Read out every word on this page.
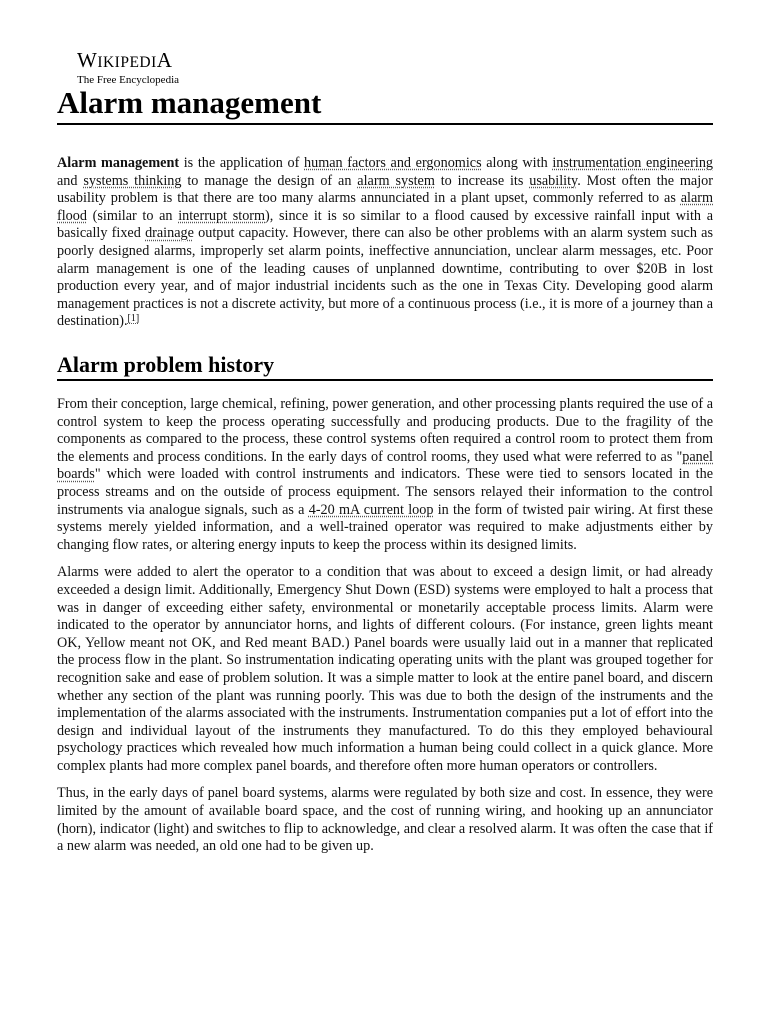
WIKIPEDIA
The Free Encyclopedia
Alarm management

Alarm management is the application of human factors and ergonomics along with instrumentation engineering and systems thinking to manage the design of an alarm system to increase its usability. Most often the major usability problem is that there are too many alarms annunciated in a plant upset, commonly referred to as alarm flood (similar to an interrupt storm), since it is so similar to a flood caused by excessive rainfall input with a basically fixed drainage output capacity. However, there can also be other problems with an alarm system such as poorly designed alarms, improperly set alarm points, ineffective annunciation, unclear alarm messages, etc. Poor alarm management is one of the leading causes of unplanned downtime, contributing to over $20B in lost production every year, and of major industrial incidents such as the one in Texas City. Developing good alarm management practices is not a discrete activity, but more of a continuous process (i.e., it is more of a journey than a destination).[1]

Alarm problem history

From their conception, large chemical, refining, power generation, and other processing plants required the use of a control system to keep the process operating successfully and producing products. Due to the fragility of the components as compared to the process, these control systems often required a control room to protect them from the elements and process conditions. In the early days of control rooms, they used what were referred to as "panel boards" which were loaded with control instruments and indicators. These were tied to sensors located in the process streams and on the outside of process equipment. The sensors relayed their information to the control instruments via analogue signals, such as a 4-20 mA current loop in the form of twisted pair wiring. At first these systems merely yielded information, and a well-trained operator was required to make adjustments either by changing flow rates, or altering energy inputs to keep the process within its designed limits.

Alarms were added to alert the operator to a condition that was about to exceed a design limit, or had already exceeded a design limit. Additionally, Emergency Shut Down (ESD) systems were employed to halt a process that was in danger of exceeding either safety, environmental or monetarily acceptable process limits. Alarm were indicated to the operator by annunciator horns, and lights of different colours. (For instance, green lights meant OK, Yellow meant not OK, and Red meant BAD.) Panel boards were usually laid out in a manner that replicated the process flow in the plant. So instrumentation indicating operating units with the plant was grouped together for recognition sake and ease of problem solution. It was a simple matter to look at the entire panel board, and discern whether any section of the plant was running poorly. This was due to both the design of the instruments and the implementation of the alarms associated with the instruments. Instrumentation companies put a lot of effort into the design and individual layout of the instruments they manufactured. To do this they employed behavioural psychology practices which revealed how much information a human being could collect in a quick glance. More complex plants had more complex panel boards, and therefore often more human operators or controllers.

Thus, in the early days of panel board systems, alarms were regulated by both size and cost. In essence, they were limited by the amount of available board space, and the cost of running wiring, and hooking up an annunciator (horn), indicator (light) and switches to flip to acknowledge, and clear a resolved alarm. It was often the case that if a new alarm was needed, an old one had to be given up.
